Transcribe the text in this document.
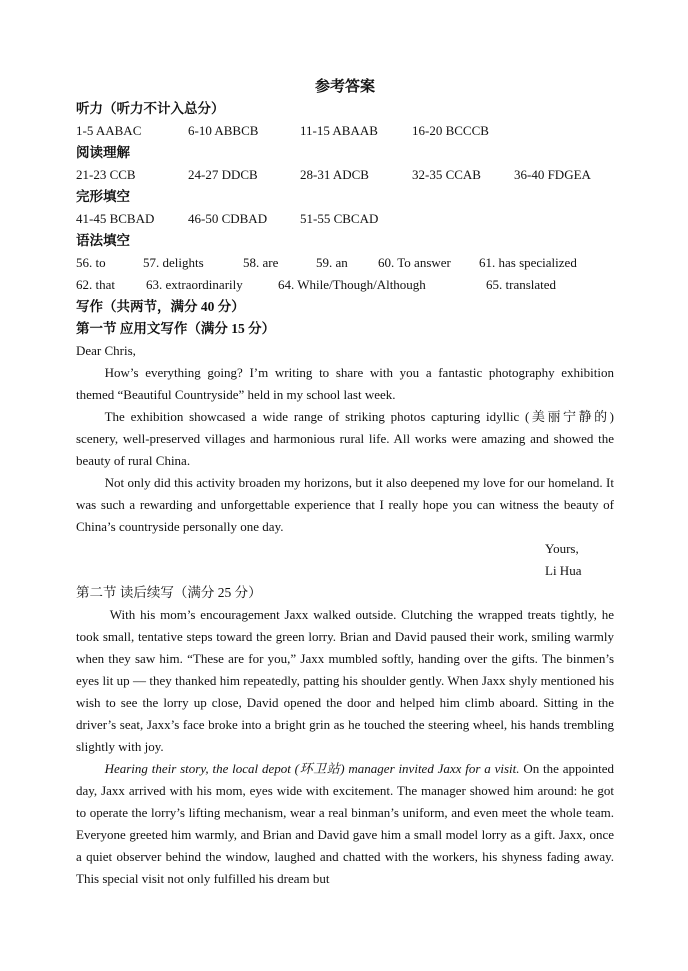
参考答案
听力（听力不计入总分）
1-5 AABAC	6-10 ABBCB	11-15 ABAAB	16-20 BCCCB
阅读理解
21-23 CCB	24-27 DDCB	28-31 ADCB	32-35 CCAB	36-40 FDGEA
完形填空
41-45 BCBAD	46-50 CDBAD	51-55 CBCAD
语法填空
56. to	57. delights	58. are	59. an 60. To answer 61. has specialized
62. that 63. extraordinarily	64. While/Though/Although	65. translated
写作（共两节，满分 40 分）
第一节 应用文写作（满分 15 分）
Dear Chris,

How’s everything going? I’m writing to share with you a fantastic photography exhibition themed “Beautiful Countryside” held in my school last week.

The exhibition showcased a wide range of striking photos capturing idyllic (美丽宁静的) scenery, well-preserved villages and harmonious rural life. All works were amazing and showed the beauty of rural China.

Not only did this activity broaden my horizons, but it also deepened my love for our homeland. It was such a rewarding and unforgettable experience that I really hope you can witness the beauty of China’s countryside personally one day.

Yours,
Li Hua
第二节 读后续写（满分 25 分）

With his mom’s encouragement Jaxx walked outside. Clutching the wrapped treats tightly, he took small, tentative steps toward the green lorry. Brian and David paused their work, smiling warmly when they saw him. “These are for you,” Jaxx mumbled softly, handing over the gifts. The binmen’s eyes lit up — they thanked him repeatedly, patting his shoulder gently. When Jaxx shyly mentioned his wish to see the lorry up close, David opened the door and helped him climb aboard. Sitting in the driver’s seat, Jaxx’s face broke into a bright grin as he touched the steering wheel, his hands trembling slightly with joy.

Hearing their story, the local depot (环卫站) manager invited Jaxx for a visit. On the appointed day, Jaxx arrived with his mom, eyes wide with excitement. The manager showed him around: he got to operate the lorry’s lifting mechanism, wear a real binman’s uniform, and even meet the whole team. Everyone greeted him warmly, and Brian and David gave him a small model lorry as a gift. Jaxx, once a quiet observer behind the window, laughed and chatted with the workers, his shyness fading away. This special visit not only fulfilled his dream but
